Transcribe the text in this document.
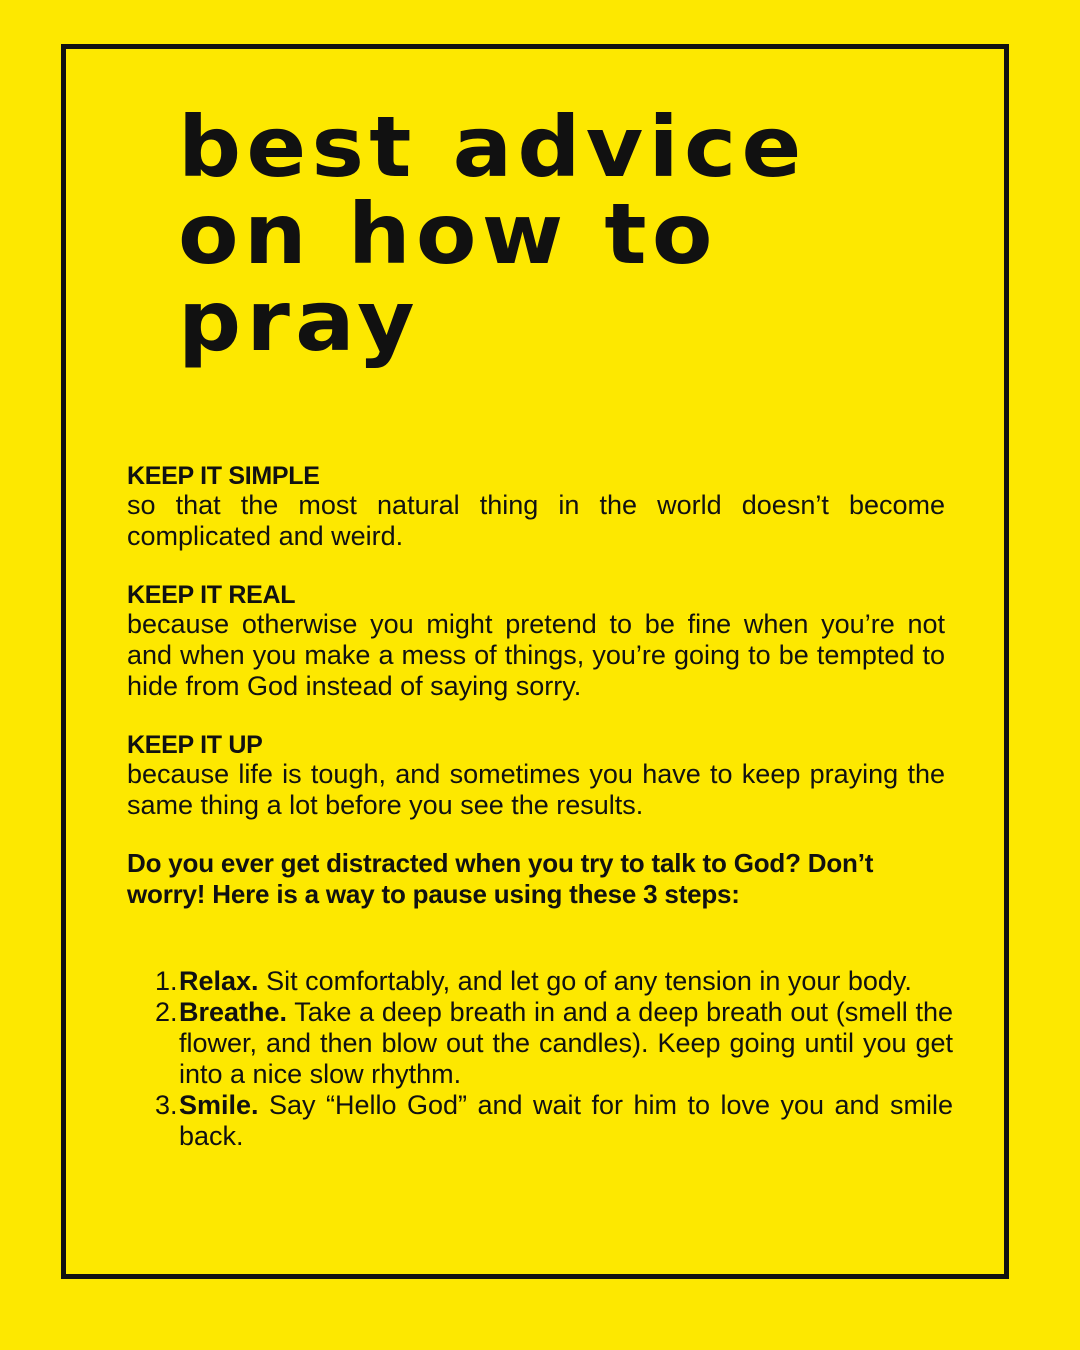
best advice
on how to
pray
KEEP IT SIMPLE
so that the most natural thing in the world doesn’t become complicated and weird.
KEEP IT REAL
because otherwise you might pretend to be fine when you’re not and when you make a mess of things, you’re going to be tempted to hide from God instead of saying sorry.
KEEP IT UP
because life is tough, and sometimes you have to keep praying the same thing a lot before you see the results.
Do you ever get distracted when you try to talk to God? Don’t worry! Here is a way to pause using these 3 steps:
1. Relax. Sit comfortably, and let go of any tension in your body.
2. Breathe. Take a deep breath in and a deep breath out (smell the flower, and then blow out the candles). Keep going until you get into a nice slow rhythm.
3. Smile. Say “Hello God” and wait for him to love you and smile back.
